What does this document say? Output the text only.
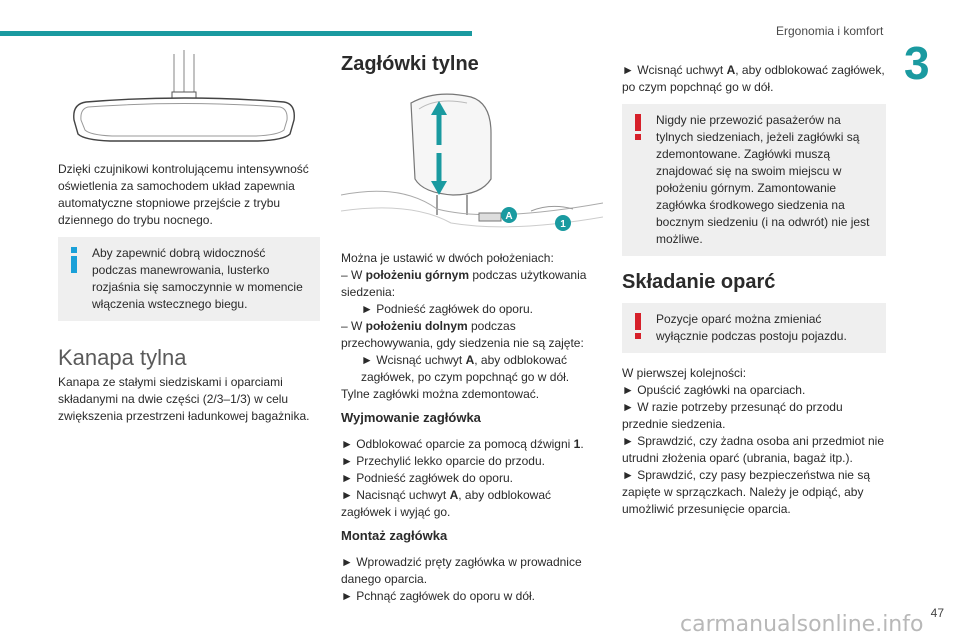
Ergonomia i komfort
3

Dzięki czujnikowi kontrolującemu intensywność oświetlenia za samochodem układ zapewnia automatyczne stopniowe przejście z trybu dziennego do trybu nocnego.

Aby zapewnić dobrą widoczność podczas manewrowania, lusterko rozjaśnia się samoczynnie w momencie włączenia wstecznego biegu.
Kanapa tylna

Kanapa ze stałymi siedziskami i oparciami składanymi na dwie części (2/3–1/3) w celu zwiększenia przestrzeni ładunkowej bagażnika.

Zagłówki tylne
A
1
Można je ustawić w dwóch położeniach:
– W położeniu górnym podczas użytkowania siedzenia:
► Podnieść zagłówek do oporu.
– W położeniu dolnym podczas przechowywania, gdy siedzenia nie są zajęte:
► Wcisnąć uchwyt A, aby odblokować zagłówek, po czym popchnąć go w dół.
Tylne zagłówki można zdemontować.
Wyjmowanie zagłówka
► Odblokować oparcie za pomocą dźwigni 1.
► Przechylić lekko oparcie do przodu.
► Podnieść zagłówek do oporu.
► Nacisnąć uchwyt A, aby odblokować zagłówek i wyjąć go.
Montaż zagłówka
► Wprowadzić pręty zagłówka w prowadnice danego oparcia.
► Pchnąć zagłówek do oporu w dół.
► Wcisnąć uchwyt A, aby odblokować zagłówek, po czym popchnąć go w dół.
Nigdy nie przewozić pasażerów na tylnych siedzeniach, jeżeli zagłówki są zdemontowane. Zagłówki muszą znajdować się na swoim miejscu w położeniu górnym. Zamontowanie zagłówka środkowego siedzenia na bocznym siedzeniu (i na odwrót) nie jest możliwe.
Składanie oparć
Pozycje oparć można zmieniać wyłącznie podczas postoju pojazdu.
W pierwszej kolejności:
► Opuścić zagłówki na oparciach.
► W razie potrzeby przesunąć do przodu przednie siedzenia.
► Sprawdzić, czy żadna osoba ani przedmiot nie utrudni złożenia oparć (ubrania, bagaż itp.).
► Sprawdzić, czy pasy bezpieczeństwa nie są zapięte w sprzączkach. Należy je odpiąć, aby umożliwić przesunięcie oparcia.
47
carmanualsonline.info
